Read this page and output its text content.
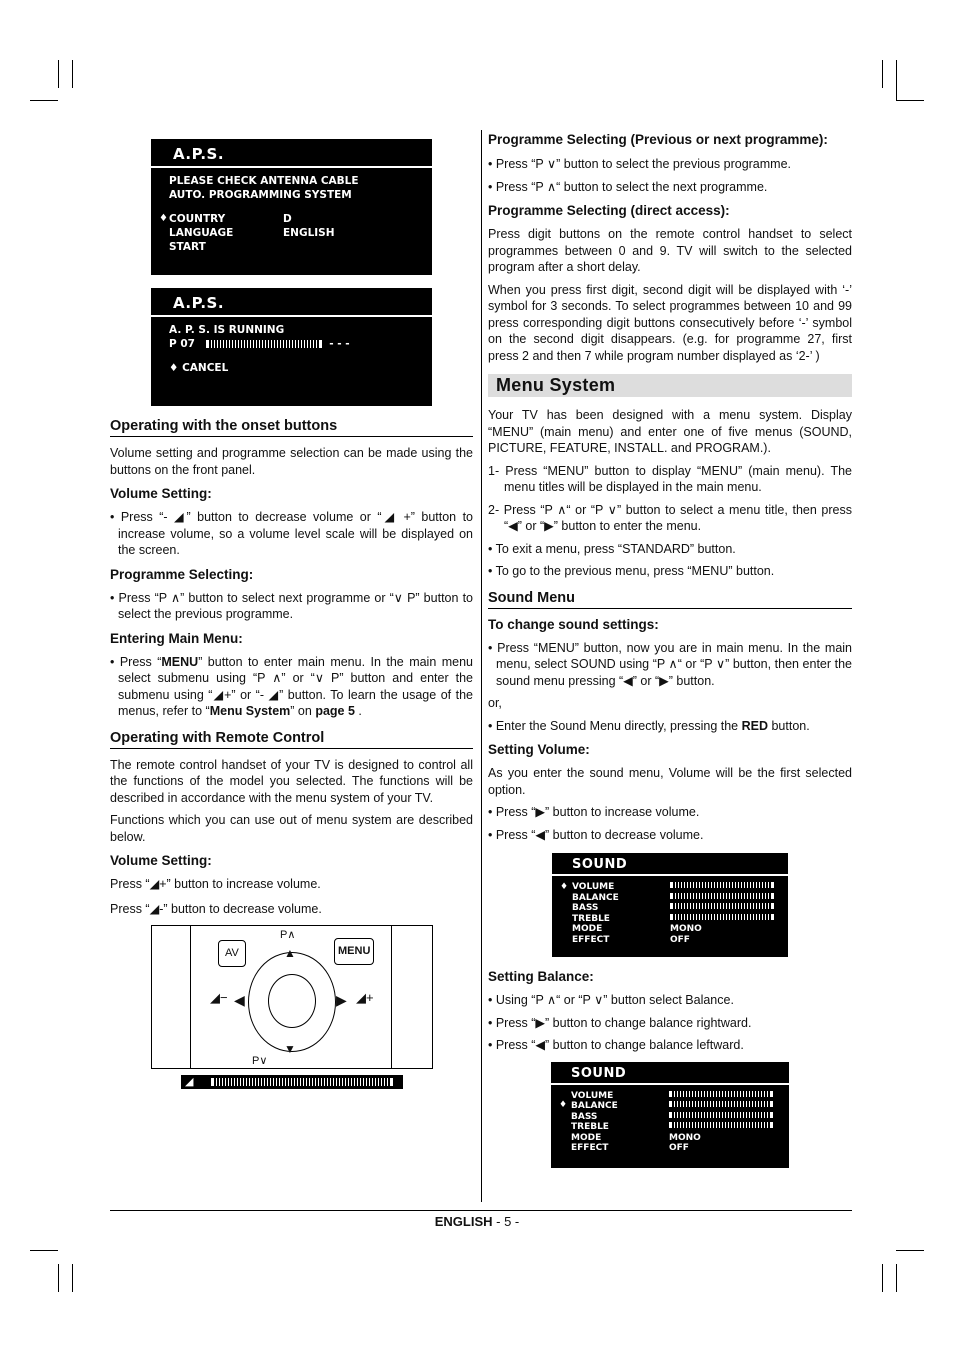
A.P.S.
PLEASE CHECK ANTENNA CABLE
AUTO. PROGRAMMING SYSTEM
♦ COUNTRY	D
LANGUAGE	ENGLISH
START
A.P.S.
A. P. S. IS RUNNING
P 07	- - -
♦ CANCEL
Operating with the onset buttons

Volume setting and programme selection can be made using the buttons on the front panel.

Volume Setting:

• Press “- ◢” button to decrease volume or “◢ +” button to increase volume, so a volume level scale will be displayed on the screen.

Programme Selecting:

• Press “P ∧” button to select next programme or “∨ P” button to select the previous programme.

Entering Main Menu:

• Press “MENU” button to enter main menu. In the main menu select submenu using “P ∧” or “∨ P” button and enter the submenu using “◢+” or “- ◢” button. To learn the usage of the menus, refer to “Menu System” on page 5 .

Operating with Remote Control

The remote control handset of your TV is designed to control all the functions of the model you selected. The functions will be described in accordance with the menu system of your TV.

Functions which you can use out of menu system are described below.

Volume Setting:

Press “◢+” button to increase volume.

Press “◢-” button to decrease volume.

AV	MENU
P∧
P∨
▲
▼
◀	▶
◢−	◢+
◢
Programme Selecting (Previous or next programme):

• Press “P ∨” button to select the previous programme.

• Press “P ∧“ button to select the next programme.

Programme Selecting (direct access):

Press digit buttons on the remote control handset to select programmes between 0 and 9. TV will switch to the selected program after a short delay.

When you press first digit, second digit will be displayed with ‘-’ symbol for 3 seconds. To select programmes between 10 and 99 press corresponding digit buttons consecutively before ‘-’ symbol on the second digit disappears. (e.g. for programme 27, first press 2 and then 7 while program number displayed as ‘2-’ )

Menu System

Your TV has been designed with a menu system. Display “MENU” (main menu) and enter one of five menus (SOUND, PICTURE, FEATURE, INSTALL. and PROGRAM.).

1- Press “MENU” button to display “MENU” (main menu). The menu titles will be displayed in the main menu.

2- Press “P ∧“ or “P ∨” button to select a menu title, then press “◀” or “▶” button to enter the menu.

• To exit a menu, press “STANDARD” button.

• To go to the previous menu, press “MENU” button.

Sound Menu
To change sound settings:

• Press “MENU” button, now you are in main menu. In the main menu, select SOUND using “P ∧“ or “P ∨” button, then enter the sound menu pressing “◀” or “▶” button.

or,

• Enter the Sound Menu directly, pressing the RED button.

Setting Volume:

As you enter the sound menu, Volume will be the first selected option.

• Press “▶” button to increase volume.

• Press “◀” button to decrease volume.

SOUND
♦ VOLUME
BALANCE
BASS
TREBLE
MODE	MONO
EFFECT	OFF
Setting Balance:

• Using “P ∧“ or “P ∨” button select Balance.

• Press “▶” button to change balance rightward.

• Press “◀” button to change balance leftward.

SOUND
VOLUME
♦ BALANCE
BASS
TREBLE
MODE	MONO
EFFECT	OFF
ENGLISH - 5 -
